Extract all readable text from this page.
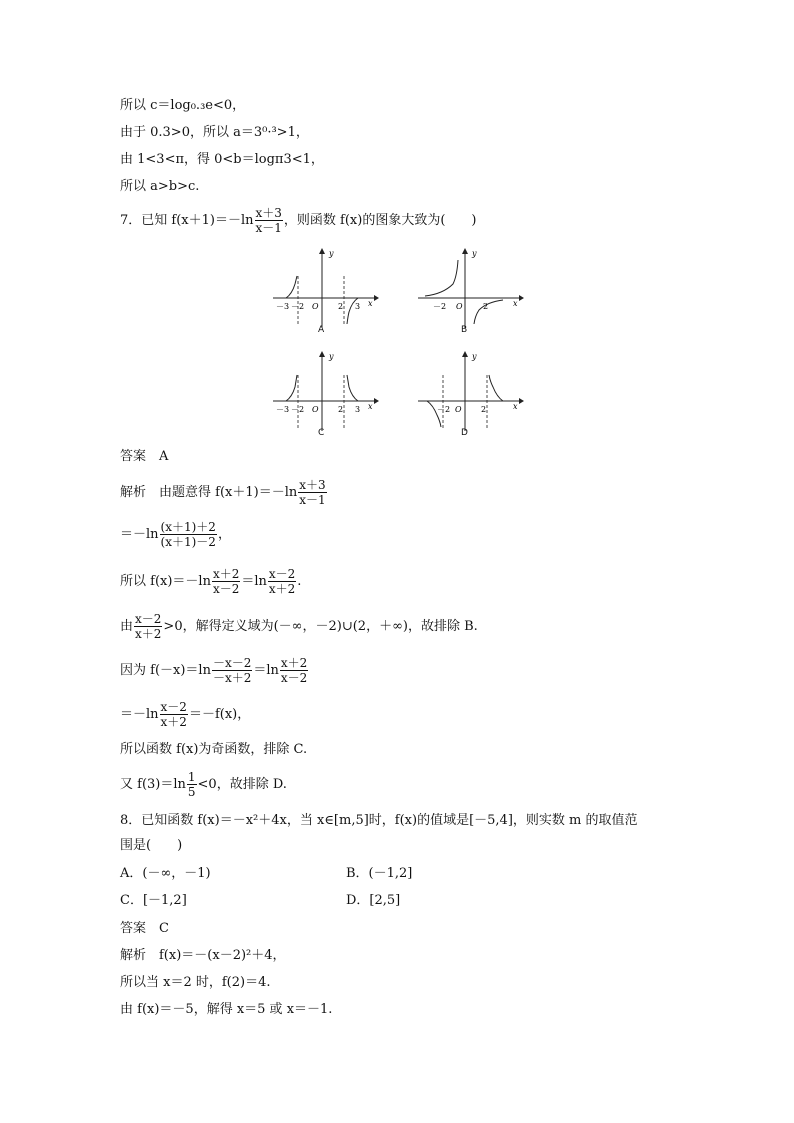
所以 c＝log₀.₃e<0，
由于 0.3>0，所以 a＝3⁰·³>1，
由 1<3<π，得 0<b＝logπ3<1，
所以 a>b>c.
7．已知 $f(x+1)=-\ln \frac{x+3}{x-1}$ ，则函数 f(x)的图象大致为(　　)
y
x
－3 －2 O 2 3
A
y
x
－2 O	2
B
y
x
－3 －2 O 2 3
C
y
x
－2 O 2
D
答案　A
解析　由题意得 $f(x+1)=-\ln \frac{x+3}{x-1}$
$=-\ln \frac{(x+1)+2}{(x+1)-2}$ ，
所以 $f(x)=-\ln \frac{x+2}{x-2} =\ln \frac{x-2}{x+2}$ .
由 $\frac{x-2}{x+2} >0$，解得定义域为(－∞，－2)∪(2，＋∞)，故排除 B.
因为 $f(-x)=\ln \frac{-x-2}{-x+2} =\ln \frac{x+2}{x-2}$
$=-\ln \frac{x-2}{x+2} =-f(x)$，
所以函数 f(x)为奇函数，排除 C.
又 $f(3)=\ln \frac{1}{5} <0$，故排除 D.
8．已知函数 f(x)＝－x²＋4x，当 x∈[m,5]时，f(x)的值域是[－5,4]，则实数 m 的取值范
围是(　　)
A．(－∞，－1)	B．(－1,2]
C．[－1,2]	D．[2,5]
答案　C
解析　f(x)＝－(x－2)²＋4，
所以当 x＝2 时，f(2)＝4.
由 f(x)＝－5，解得 x＝5 或 x＝－1.
